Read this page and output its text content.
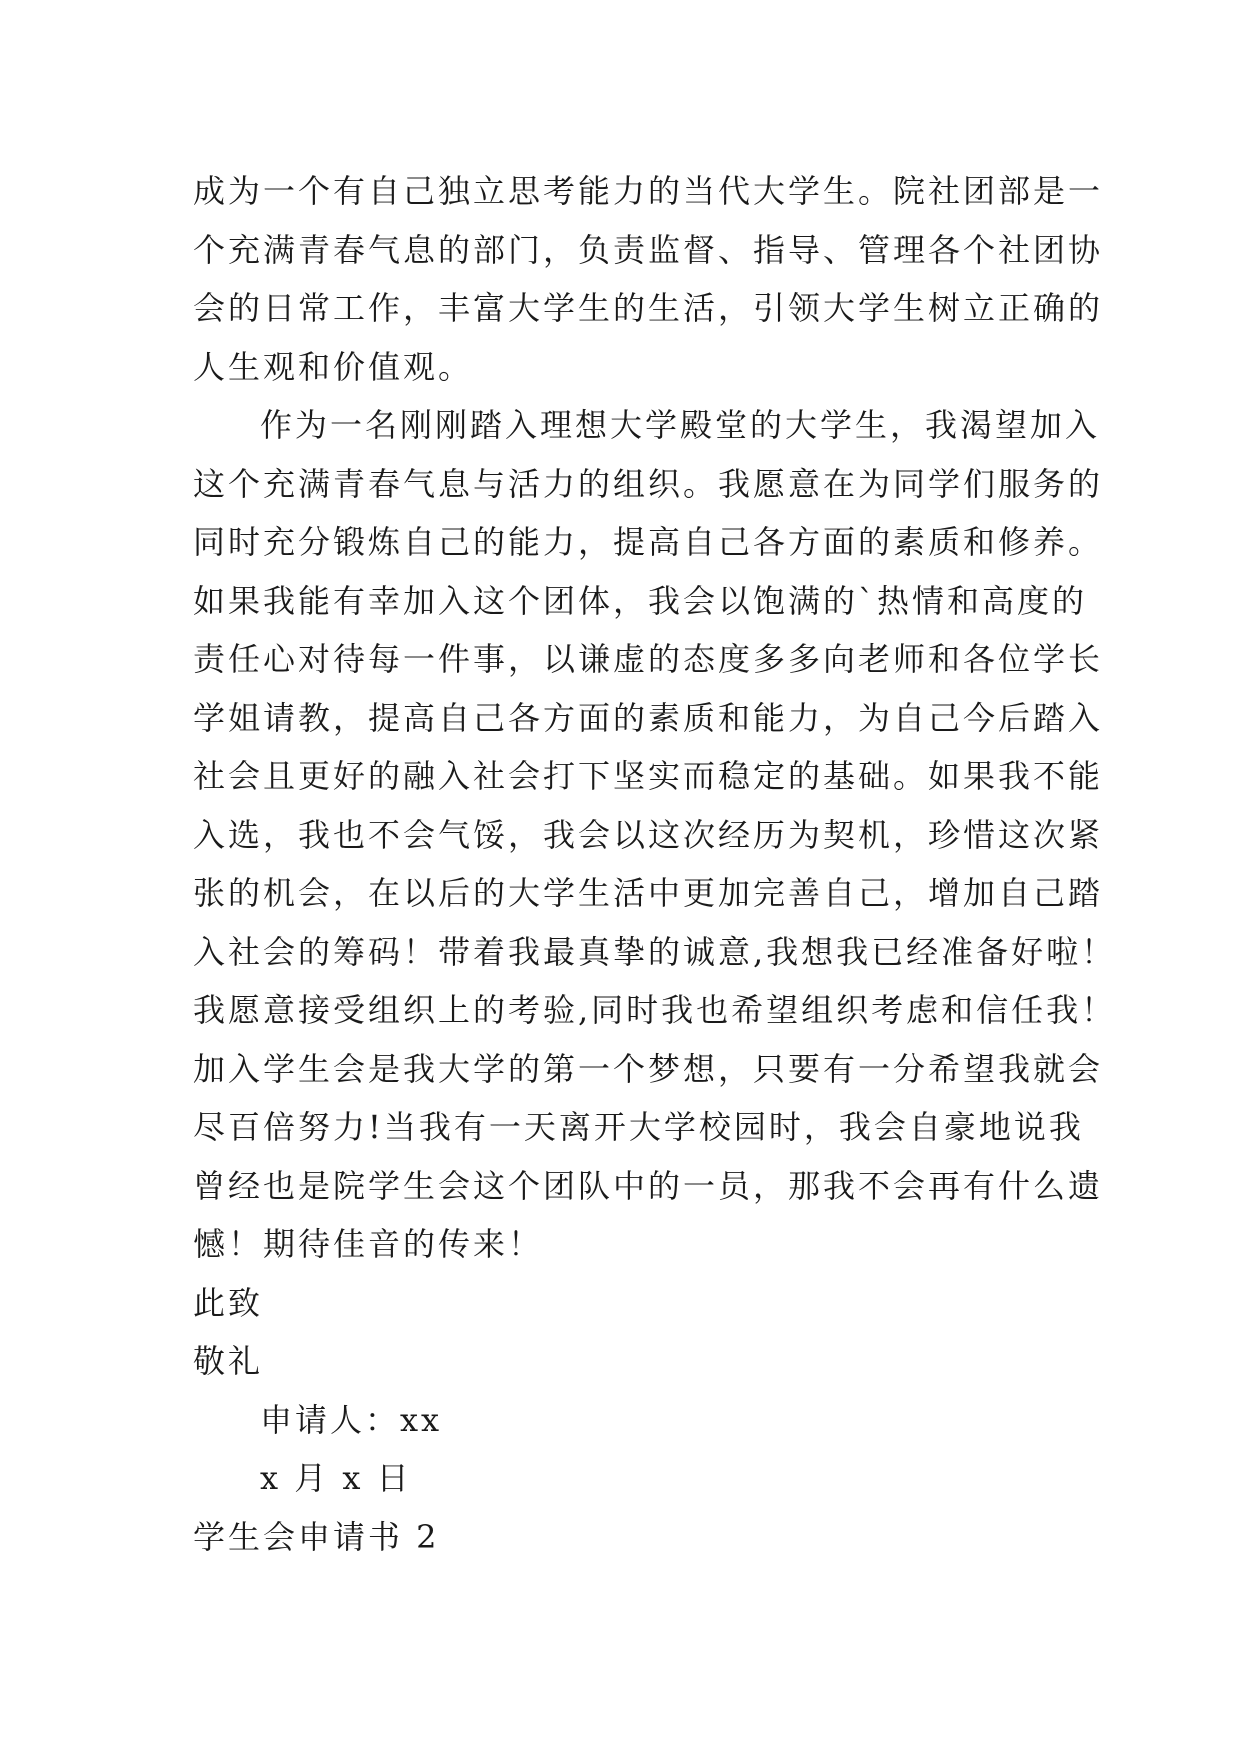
成为一个有自己独立思考能力的当代大学生。院社团部是一
个充满青春气息的部门，负责监督、指导、管理各个社团协
会的日常工作，丰富大学生的生活，引领大学生树立正确的
人生观和价值观。
作为一名刚刚踏入理想大学殿堂的大学生，我渴望加入
这个充满青春气息与活力的组织。我愿意在为同学们服务的
同时充分锻炼自己的能力，提高自己各方面的素质和修养。
如果我能有幸加入这个团体，我会以饱满的`热情和高度的
责任心对待每一件事，以谦虚的态度多多向老师和各位学长
学姐请教，提高自己各方面的素质和能力，为自己今后踏入
社会且更好的融入社会打下坚实而稳定的基础。如果我不能
入选，我也不会气馁，我会以这次经历为契机，珍惜这次紧
张的机会，在以后的大学生活中更加完善自己，增加自己踏
入社会的筹码！带着我最真挚的诚意,我想我已经准备好啦！
我愿意接受组织上的考验,同时我也希望组织考虑和信任我！
加入学生会是我大学的第一个梦想，只要有一分希望我就会
尽百倍努力!当我有一天离开大学校园时，我会自豪地说我
曾经也是院学生会这个团队中的一员，那我不会再有什么遗
憾！期待佳音的传来！
此致
敬礼
申请人：xx
x 月 x 日
学生会申请书 2
